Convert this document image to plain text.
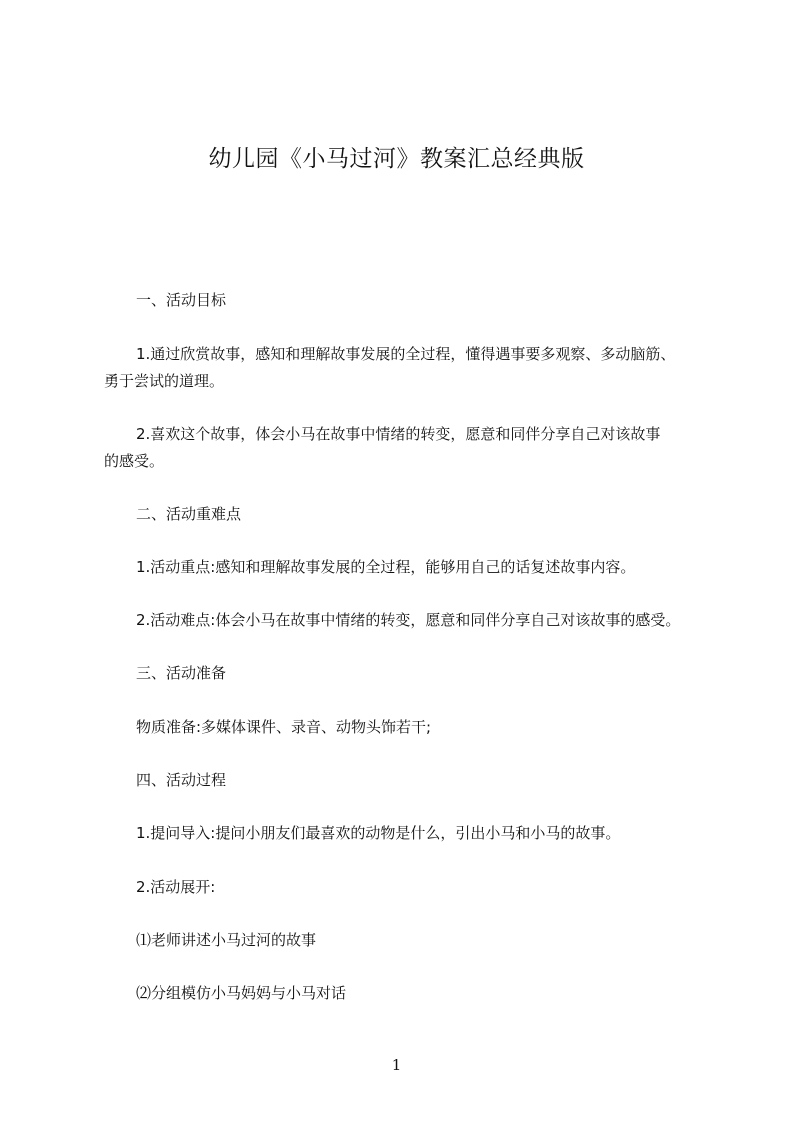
幼儿园《小马过河》教案汇总经典版

一、活动目标

1.通过欣赏故事，感知和理解故事发展的全过程，懂得遇事要多观察、多动脑筋、

勇于尝试的道理。

2.喜欢这个故事，体会小马在故事中情绪的转变，愿意和同伴分享自己对该故事

的感受。

二、活动重难点

1.活动重点:感知和理解故事发展的全过程，能够用自己的话复述故事内容。

2.活动难点:体会小马在故事中情绪的转变，愿意和同伴分享自己对该故事的感受。

三、活动准备

物质准备:多媒体课件、录音、动物头饰若干;

四、活动过程

1.提问导入:提问小朋友们最喜欢的动物是什么，引出小马和小马的故事。

2.活动展开:

⑴老师讲述小马过河的故事

⑵分组模仿小马妈妈与小马对话

1
